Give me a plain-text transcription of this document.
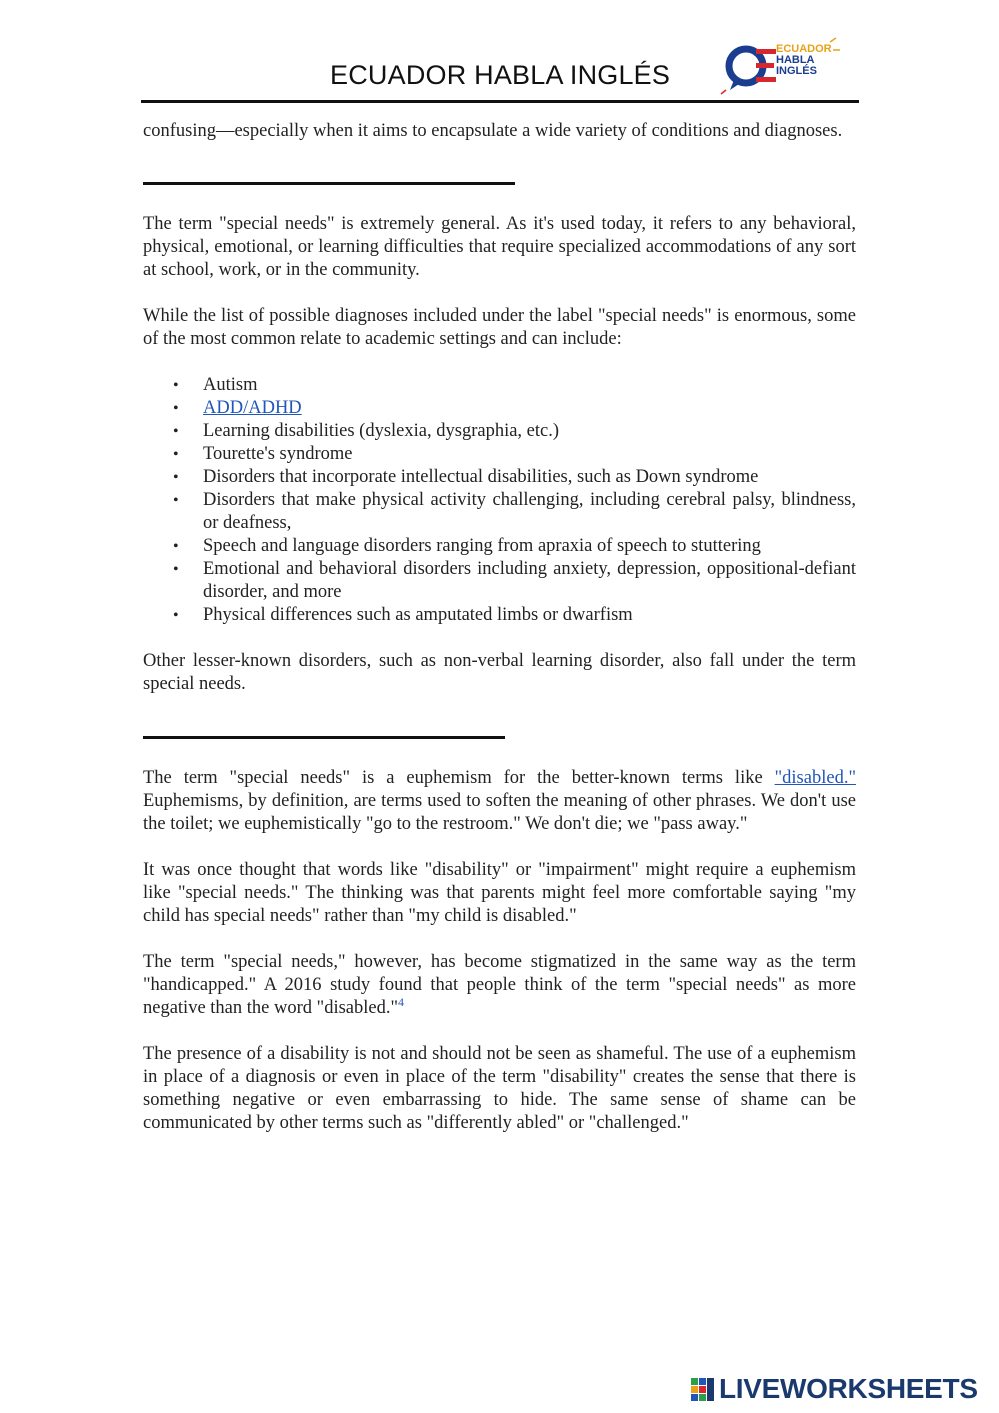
ECUADOR HABLA INGLÉS
ECUADOR
HABLA
INGLÉS

confusing—especially when it aims to encapsulate a wide variety of conditions and diagnoses.

The term "special needs" is extremely general. As it's used today, it refers to any behavioral, physical, emotional, or learning difficulties that require specialized accommodations of any sort at school, work, or in the community.

While the list of possible diagnoses included under the label "special needs" is enormous, some of the most common relate to academic settings and can include:

• Autism
• ADD/ADHD
• Learning disabilities (dyslexia, dysgraphia, etc.)
• Tourette's syndrome
• Disorders that incorporate intellectual disabilities, such as Down syndrome
• Disorders that make physical activity challenging, including cerebral palsy, blindness, or deafness,
• Speech and language disorders ranging from apraxia of speech to stuttering
• Emotional and behavioral disorders including anxiety, depression, oppositional-defiant disorder, and more
• Physical differences such as amputated limbs or dwarfism

Other lesser-known disorders, such as non-verbal learning disorder, also fall under the term special needs.

The term "special needs" is a euphemism for the better-known terms like "disabled." Euphemisms, by definition, are terms used to soften the meaning of other phrases. We don't use the toilet; we euphemistically "go to the restroom." We don't die; we "pass away."

It was once thought that words like "disability" or "impairment" might require a euphemism like "special needs." The thinking was that parents might feel more comfortable saying "my child has special needs" rather than "my child is disabled."

The term "special needs," however, has become stigmatized in the same way as the term "handicapped." A 2016 study found that people think of the term "special needs" as more negative than the word "disabled."$^4$

The presence of a disability is not and should not be seen as shameful. The use of a euphemism in place of a diagnosis or even in place of the term "disability" creates the sense that there is something negative or even embarrassing to hide. The same sense of shame can be communicated by other terms such as "differently abled" or "challenged."

LIVEWORKSHEETS
